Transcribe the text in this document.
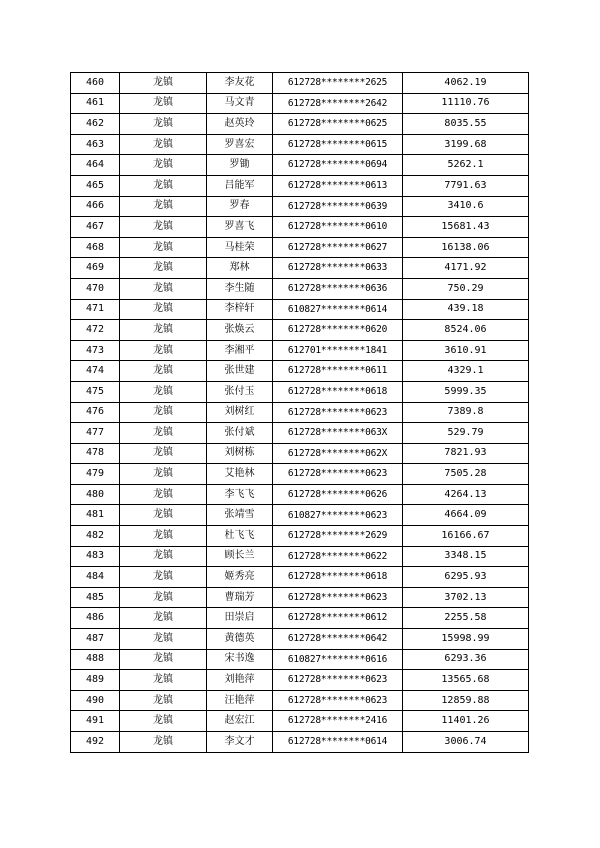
460	龙镇	李友花	612728********2625	4062.19
461	龙镇	马文青	612728********2642	11110.76
462	龙镇	赵英玲	612728********0625	8035.55
463	龙镇	罗喜宏	612728********0615	3199.68
464	龙镇	罗锄	612728********0694	5262.1
465	龙镇	吕能军	612728********0613	7791.63
466	龙镇	罗春	612728********0639	3410.6
467	龙镇	罗喜飞	612728********0610	15681.43
468	龙镇	马桂荣	612728********0627	16138.06
469	龙镇	郑林	612728********0633	4171.92
470	龙镇	李生随	612728********0636	750.29
471	龙镇	李梓轩	610827********0614	439.18
472	龙镇	张焕云	612728********0620	8524.06
473	龙镇	李湘平	612701********1841	3610.91
474	龙镇	张世建	612728********0611	4329.1
475	龙镇	张付玉	612728********0618	5999.35
476	龙镇	刘树红	612728********0623	7389.8
477	龙镇	张付斌	612728********063X	529.79
478	龙镇	刘树栋	612728********062X	7821.93
479	龙镇	艾艳林	612728********0623	7505.28
480	龙镇	李飞飞	612728********0626	4264.13
481	龙镇	张靖雪	610827********0623	4664.09
482	龙镇	杜飞飞	612728********2629	16166.67
483	龙镇	顾长兰	612728********0622	3348.15
484	龙镇	姬秀亮	612728********0618	6295.93
485	龙镇	曹瑞芳	612728********0623	3702.13
486	龙镇	田崇启	612728********0612	2255.58
487	龙镇	黄德英	612728********0642	15998.99
488	龙镇	宋书逸	610827********0616	6293.36
489	龙镇	刘艳萍	612728********0623	13565.68
490	龙镇	汪艳萍	612728********0623	12859.88
491	龙镇	赵宏江	612728********2416	11401.26
492	龙镇	李文才	612728********0614	3006.74
